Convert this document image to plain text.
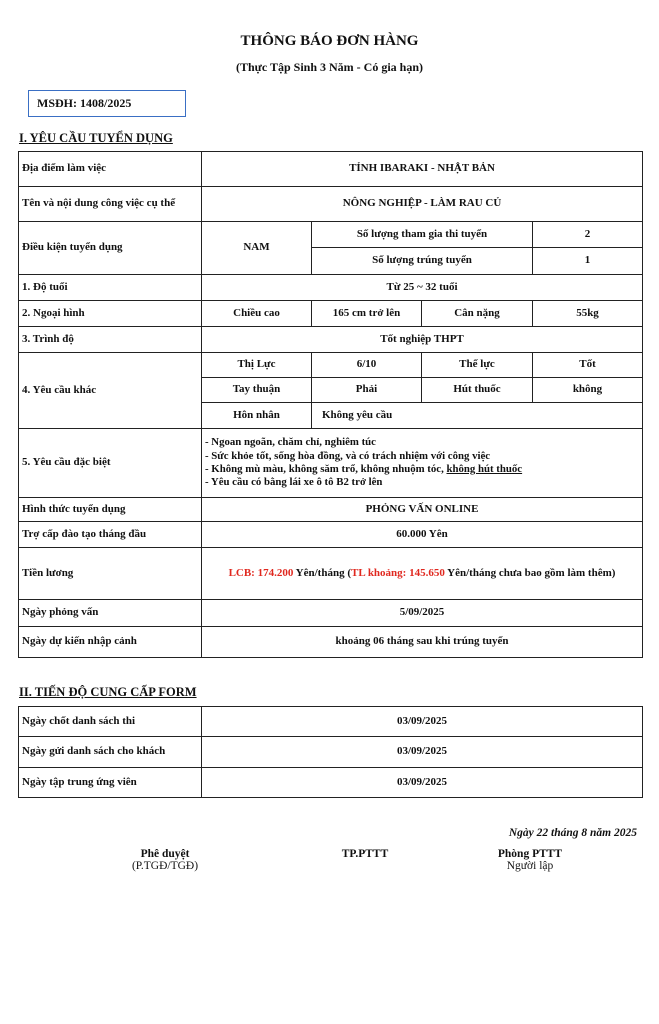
THÔNG BÁO ĐƠN HÀNG
(Thực Tập Sinh 3 Năm - Có gia hạn)
MSĐH: 1408/2025
I. YÊU CẦU TUYỂN DỤNG
Địa điểm làm việc	TỈNH IBARAKI - NHẬT BẢN			
Tên và nội dung công việc cụ thể	NÔNG NGHIỆP - LÀM RAU CỦ			
Điều kiện tuyển dụng	NAM	Số lượng tham gia thi tuyển		2
		Số lượng trúng tuyển		1
1. Độ tuổi	Từ 25 ~ 32 tuổi			
2. Ngoại hình	Chiều cao	165 cm trở lên	Cân nặng	55kg
3. Trình độ	Tốt nghiệp THPT			
4. Yêu cầu khác	Thị Lực	6/10	Thể lực	Tốt
	Tay thuận	Phải	Hút thuốc	không
	Hôn nhân	Không yêu cầu		
5. Yêu cầu đặc biệt	- Ngoan ngoãn, chăm chỉ, nghiêm túc
- Sức khỏe tốt, sống hòa đồng, và có trách nhiệm với công việc
- Không mù màu, không săm trổ, không nhuộm tóc, không hút thuốc
- Yêu cầu có bằng lái xe ô tô B2 trở lên			

Hình thức tuyển dụng	PHỎNG VẤN ONLINE			
Trợ cấp đào tạo tháng đầu	60.000 Yên			
Tiền lương	LCB: 174.200 Yên/tháng (TL khoảng: 145.650 Yên/tháng chưa bao gồm làm thêm)			
Ngày phỏng vấn	5/09/2025			
Ngày dự kiến nhập cảnh	khoảng 06 tháng sau khi trúng tuyển			
II. TIẾN ĐỘ CUNG CẤP FORM
Ngày chốt danh sách thi	03/09/2025
Ngày gửi danh sách cho khách	03/09/2025
Ngày tập trung ứng viên	03/09/2025
Ngày 22 tháng 8 năm 2025
Phê duyệt
(P.TGĐ/TGĐ)
TP.PTTT	Phòng PTTT
Người lập
